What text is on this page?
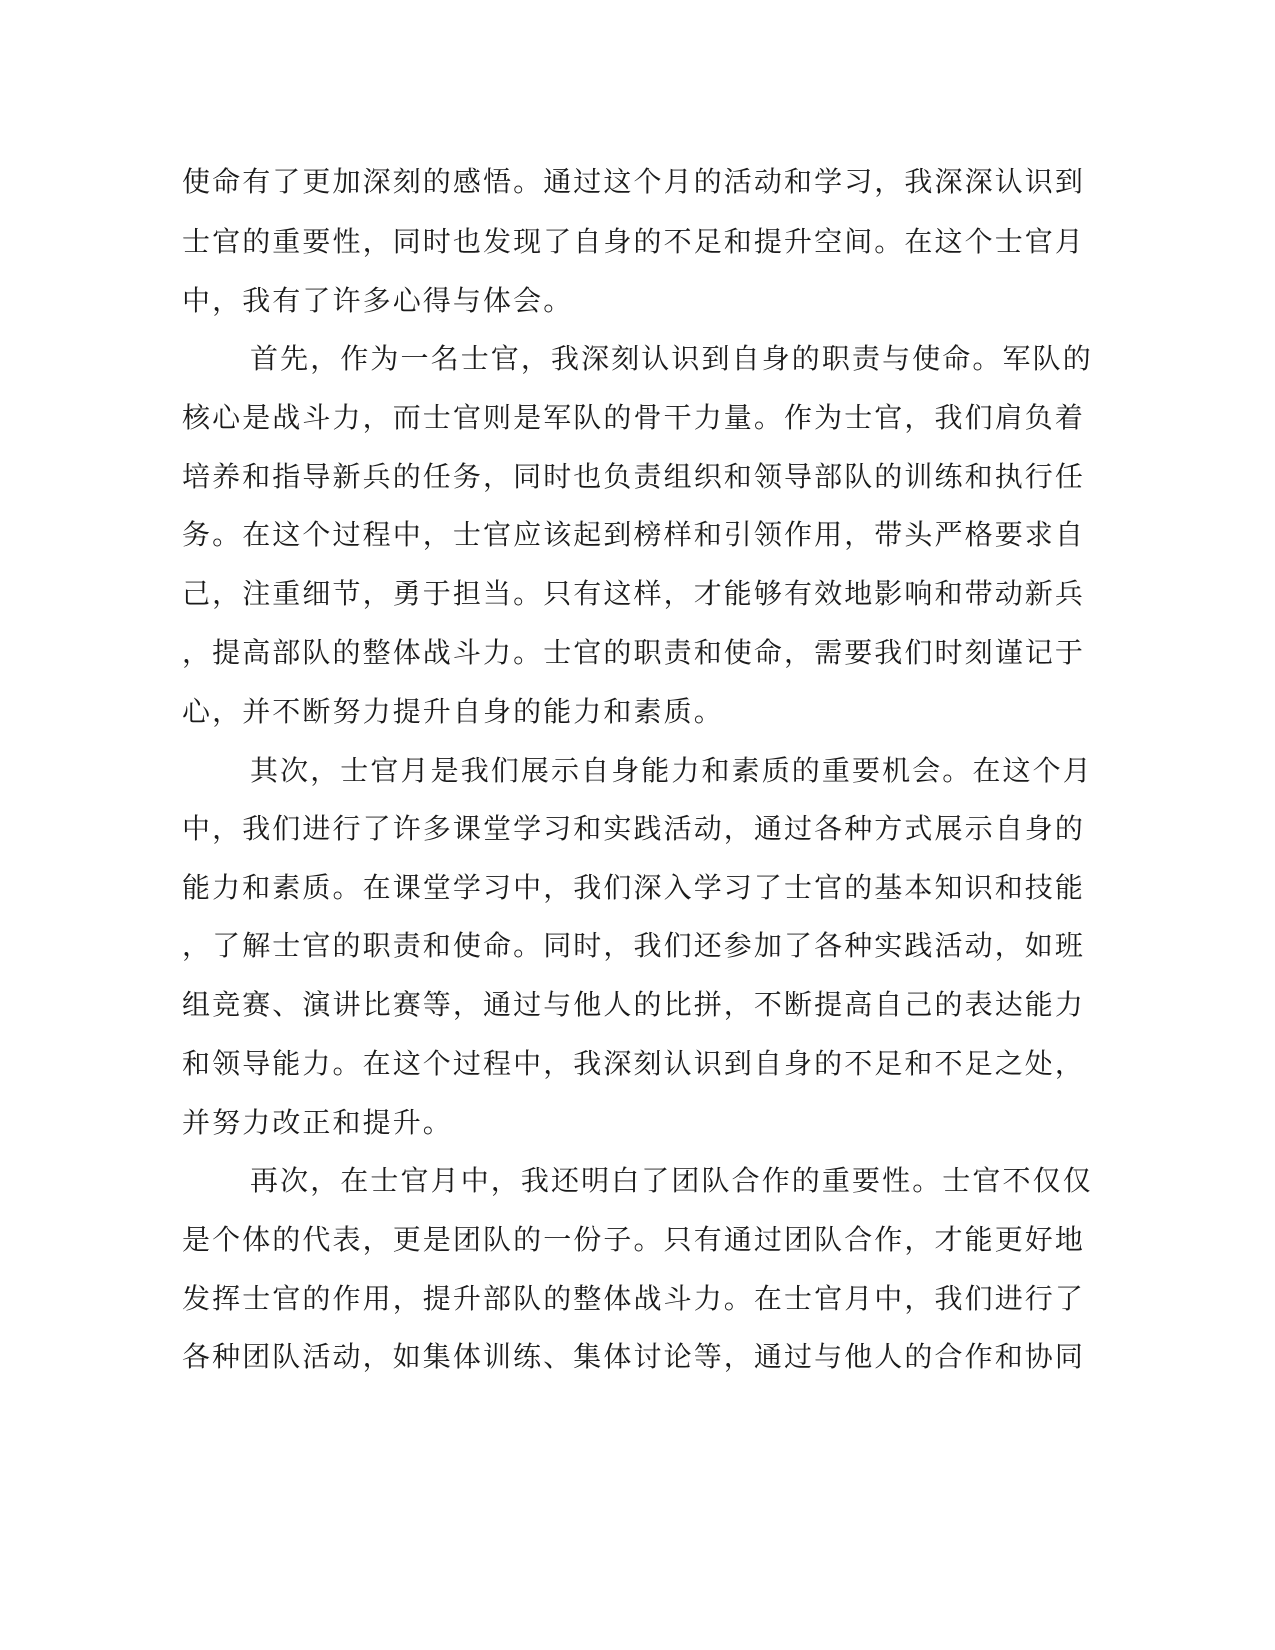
使命有了更加深刻的感悟。通过这个月的活动和学习，我深深认识到
士官的重要性，同时也发现了自身的不足和提升空间。在这个士官月
中，我有了许多心得与体会。
首先，作为一名士官，我深刻认识到自身的职责与使命。军队的
核心是战斗力，而士官则是军队的骨干力量。作为士官，我们肩负着
培养和指导新兵的任务，同时也负责组织和领导部队的训练和执行任
务。在这个过程中，士官应该起到榜样和引领作用，带头严格要求自
己，注重细节，勇于担当。只有这样，才能够有效地影响和带动新兵
，提高部队的整体战斗力。士官的职责和使命，需要我们时刻谨记于
心，并不断努力提升自身的能力和素质。
其次，士官月是我们展示自身能力和素质的重要机会。在这个月
中，我们进行了许多课堂学习和实践活动，通过各种方式展示自身的
能力和素质。在课堂学习中，我们深入学习了士官的基本知识和技能
，了解士官的职责和使命。同时，我们还参加了各种实践活动，如班
组竞赛、演讲比赛等，通过与他人的比拼，不断提高自己的表达能力
和领导能力。在这个过程中，我深刻认识到自身的不足和不足之处，
并努力改正和提升。
再次，在士官月中，我还明白了团队合作的重要性。士官不仅仅
是个体的代表，更是团队的一份子。只有通过团队合作，才能更好地
发挥士官的作用，提升部队的整体战斗力。在士官月中，我们进行了
各种团队活动，如集体训练、集体讨论等，通过与他人的合作和协同
